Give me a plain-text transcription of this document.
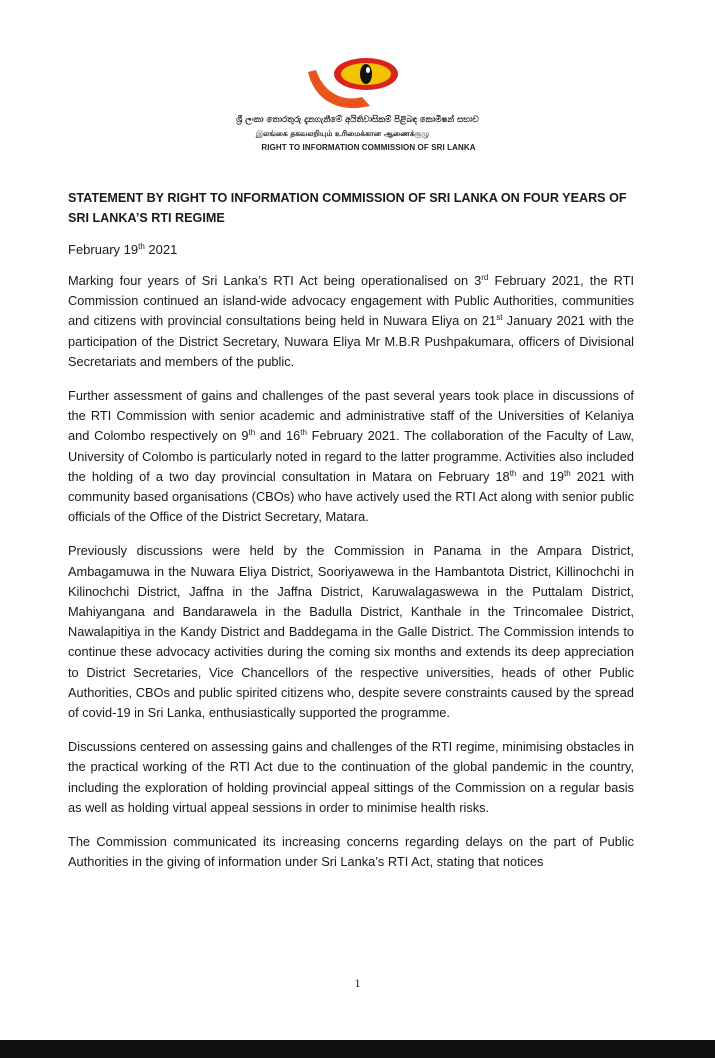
ශ්‍රී ලංකා තොරතුරු දැනගැනීමේ අයිතිවාසිකම් පිළිබඳ කොමිෂන් සභාව
இலங்கை தகவலறியும் உரிமைக்கான ஆணைக்குழு
RIGHT TO INFORMATION COMMISSION OF SRI LANKA
STATEMENT BY RIGHT TO INFORMATION COMMISSION OF SRI LANKA ON FOUR YEARS OF SRI LANKA’S RTI REGIME
February 19th 2021

Marking four years of Sri Lanka’s RTI Act being operationalised on 3rd February 2021, the RTI Commission continued an island-wide advocacy engagement with Public Authorities, communities and citizens with provincial consultations being held in Nuwara Eliya on 21st January 2021 with the participation of the District Secretary, Nuwara Eliya Mr M.B.R Pushpakumara, officers of Divisional Secretariats and members of the public.

Further assessment of gains and challenges of the past several years took place in discussions of the RTI Commission with senior academic and administrative staff of the Universities of Kelaniya and Colombo respectively on 9th and 16th February 2021. The collaboration of the Faculty of Law, University of Colombo is particularly noted in regard to the latter programme. Activities also included the holding of a two day provincial consultation in Matara on February 18th and 19th 2021 with community based organisations (CBOs) who have actively used the RTI Act along with senior public officials of the Office of the District Secretary, Matara.

Previously discussions were held by the Commission in Panama in the Ampara District, Ambagamuwa in the Nuwara Eliya District, Sooriyawewa in the Hambantota District, Killinochchi in Kilinochchi District, Jaffna in the Jaffna District, Karuwalagaswewa in the Puttalam District, Mahiyangana and Bandarawela in the Badulla District, Kanthale in the Trincomalee District, Nawalapitiya in the Kandy District and Baddegama in the Galle District. The Commission intends to continue these advocacy activities during the coming six months and extends its deep appreciation to District Secretaries, Vice Chancellors of the respective universities, heads of other Public Authorities, CBOs and public spirited citizens who, despite severe constraints caused by the spread of covid-19 in Sri Lanka, enthusiastically supported the programme.

Discussions centered on assessing gains and challenges of the RTI regime, minimising obstacles in the practical working of the RTI Act due to the continuation of the global pandemic in the country, including the exploration of holding provincial appeal sittings of the Commission on a regular basis as well as holding virtual appeal sessions in order to minimise health risks.

The Commission communicated its increasing concerns regarding delays on the part of Public Authorities in the giving of information under Sri Lanka’s RTI Act, stating that notices

1
